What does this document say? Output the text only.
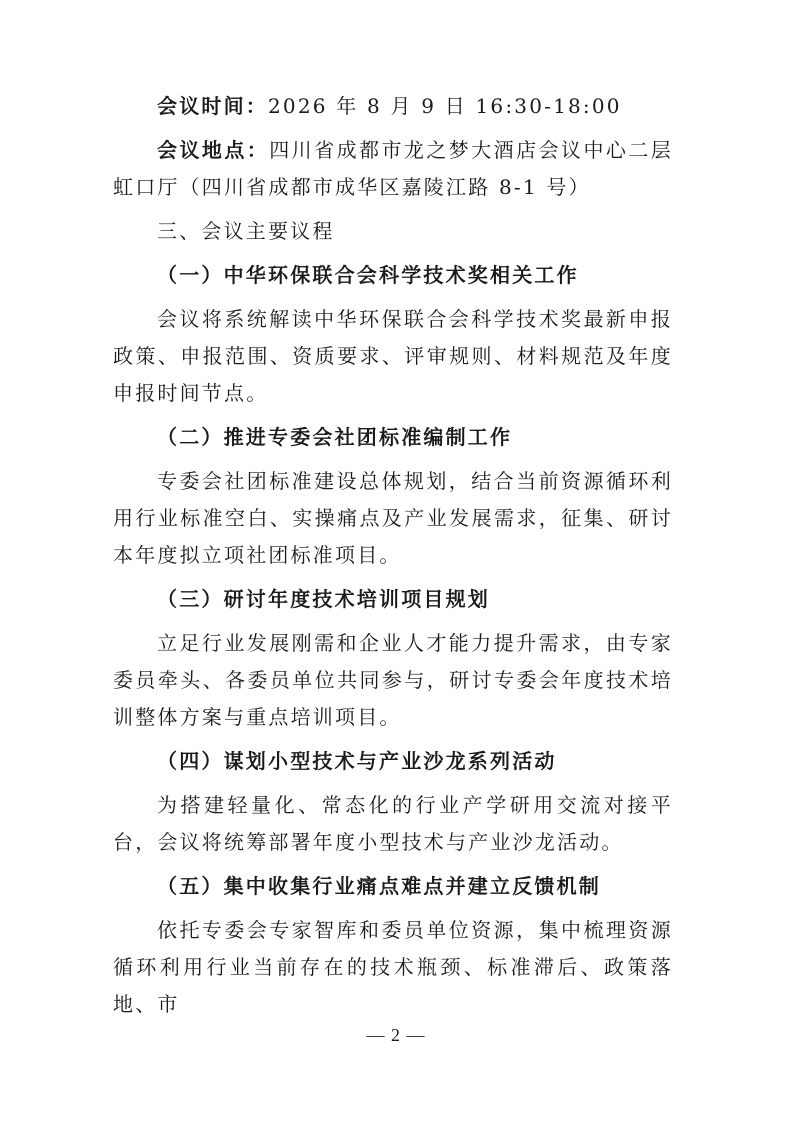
会议时间：2026 年 8 月 9 日 16:30-18:00

会议地点：四川省成都市龙之梦大酒店会议中心二层虹口厅（四川省成都市成华区嘉陵江路 8-1 号）

三、会议主要议程

（一）中华环保联合会科学技术奖相关工作

会议将系统解读中华环保联合会科学技术奖最新申报政策、申报范围、资质要求、评审规则、材料规范及年度申报时间节点。

（二）推进专委会社团标准编制工作

专委会社团标准建设总体规划，结合当前资源循环利用行业标准空白、实操痛点及产业发展需求，征集、研讨本年度拟立项社团标准项目。

（三）研讨年度技术培训项目规划

立足行业发展刚需和企业人才能力提升需求，由专家委员牵头、各委员单位共同参与，研讨专委会年度技术培训整体方案与重点培训项目。

（四）谋划小型技术与产业沙龙系列活动

为搭建轻量化、常态化的行业产学研用交流对接平台，会议将统筹部署年度小型技术与产业沙龙活动。

（五）集中收集行业痛点难点并建立反馈机制

依托专委会专家智库和委员单位资源，集中梳理资源循环利用行业当前存在的技术瓶颈、标准滞后、政策落地、市

— 2 —
